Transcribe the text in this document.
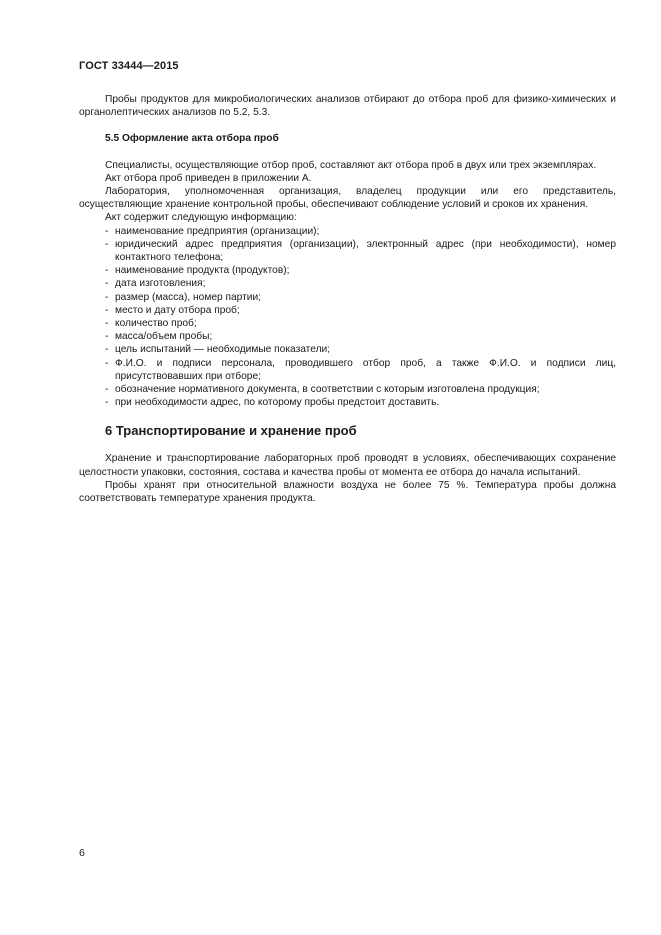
ГОСТ 33444—2015

Пробы продуктов для микробиологических анализов отбирают до отбора проб для физико-химических и органолептических анализов по 5.2, 5.3.

5.5 Оформление акта отбора проб

Специалисты, осуществляющие отбор проб, составляют акт отбора проб в двух или трех экземплярах.

Акт отбора проб приведен в приложении А.

Лаборатория, уполномоченная организация, владелец продукции или его представитель, осуществляющие хранение контрольной пробы, обеспечивают соблюдение условий и сроков их хранения.

Акт содержит следующую информацию:

- наименование предприятия (организации);
- юридический адрес предприятия (организации), электронный адрес (при необходимости), номер контактного телефона;
- наименование продукта (продуктов);
- дата изготовления;
- размер (масса), номер партии;
- место и дату отбора проб;
- количество проб;
- масса/объем пробы;
- цель испытаний — необходимые показатели;
- Ф.И.О. и подписи персонала, проводившего отбор проб, а также Ф.И.О. и подписи лиц, присутствовавших при отборе;
- обозначение нормативного документа, в соответствии с которым изготовлена продукция;
- при необходимости адрес, по которому пробы предстоит доставить.

6 Транспортирование и хранение проб

Хранение и транспортирование лабораторных проб проводят в условиях, обеспечивающих сохранение целостности упаковки, состояния, состава и качества пробы от момента ее отбора до начала испытаний.

Пробы хранят при относительной влажности воздуха не более 75 %. Температура пробы должна соответствовать температуре хранения продукта.

6
